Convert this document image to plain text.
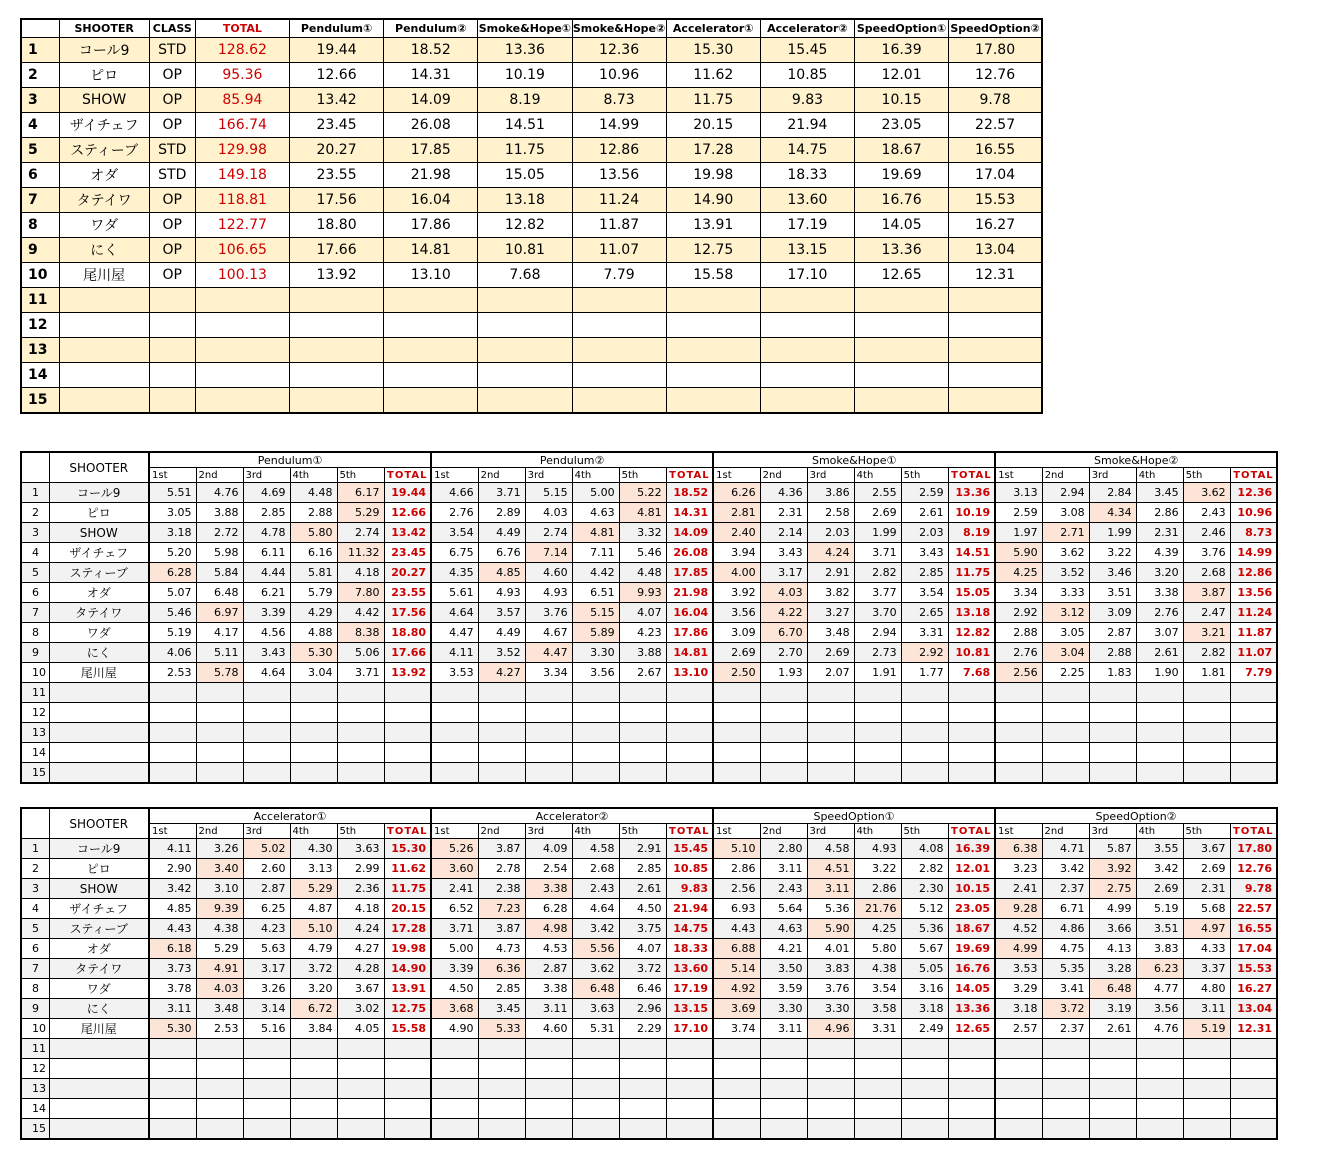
	SHOOTER	CLASS	TOTAL	Pendulum①	Pendulum②	Smoke&Hope①	Smoke&Hope②	Accelerator①	Accelerator②	SpeedOption①	SpeedOption②
1	コール9	STD	128.62	19.44	18.52	13.36	12.36	15.30	15.45	16.39	17.80
2	ピロ	OP	95.36	12.66	14.31	10.19	10.96	11.62	10.85	12.01	12.76
3	SHOW	OP	85.94	13.42	14.09	8.19	8.73	11.75	9.83	10.15	9.78
4	ザイチェフ	OP	166.74	23.45	26.08	14.51	14.99	20.15	21.94	23.05	22.57
5	スティーブ	STD	129.98	20.27	17.85	11.75	12.86	17.28	14.75	18.67	16.55
6	オダ	STD	149.18	23.55	21.98	15.05	13.56	19.98	18.33	19.69	17.04
7	タテイワ	OP	118.81	17.56	16.04	13.18	11.24	14.90	13.60	16.76	15.53
8	ワダ	OP	122.77	18.80	17.86	12.82	11.87	13.91	17.19	14.05	16.27
9	にく	OP	106.65	17.66	14.81	10.81	11.07	12.75	13.15	13.36	13.04
10	尾川屋	OP	100.13	13.92	13.10	7.68	7.79	15.58	17.10	12.65	12.31
11											
12											
13											
14											
15											
	SHOOTER	Pendulum①						Pendulum②						Smoke&Hope①						Smoke&Hope②					
		1st	2nd	3rd	4th	5th	TOTAL	1st	2nd	3rd	4th	5th	TOTAL	1st	2nd	3rd	4th	5th	TOTAL	1st	2nd	3rd	4th	5th	TOTAL
1	コール9	5.51	4.76	4.69	4.48	6.17	19.44	4.66	3.71	5.15	5.00	5.22	18.52	6.26	4.36	3.86	2.55	2.59	13.36	3.13	2.94	2.84	3.45	3.62	12.36
2	ピロ	3.05	3.88	2.85	2.88	5.29	12.66	2.76	2.89	4.03	4.63	4.81	14.31	2.81	2.31	2.58	2.69	2.61	10.19	2.59	3.08	4.34	2.86	2.43	10.96
3	SHOW	3.18	2.72	4.78	5.80	2.74	13.42	3.54	4.49	2.74	4.81	3.32	14.09	2.40	2.14	2.03	1.99	2.03	8.19	1.97	2.71	1.99	2.31	2.46	8.73
4	ザイチェフ	5.20	5.98	6.11	6.16	11.32	23.45	6.75	6.76	7.14	7.11	5.46	26.08	3.94	3.43	4.24	3.71	3.43	14.51	5.90	3.62	3.22	4.39	3.76	14.99
5	スティーブ	6.28	5.84	4.44	5.81	4.18	20.27	4.35	4.85	4.60	4.42	4.48	17.85	4.00	3.17	2.91	2.82	2.85	11.75	4.25	3.52	3.46	3.20	2.68	12.86
6	オダ	5.07	6.48	6.21	5.79	7.80	23.55	5.61	4.93	4.93	6.51	9.93	21.98	3.92	4.03	3.82	3.77	3.54	15.05	3.34	3.33	3.51	3.38	3.87	13.56
7	タテイワ	5.46	6.97	3.39	4.29	4.42	17.56	4.64	3.57	3.76	5.15	4.07	16.04	3.56	4.22	3.27	3.70	2.65	13.18	2.92	3.12	3.09	2.76	2.47	11.24
8	ワダ	5.19	4.17	4.56	4.88	8.38	18.80	4.47	4.49	4.67	5.89	4.23	17.86	3.09	6.70	3.48	2.94	3.31	12.82	2.88	3.05	2.87	3.07	3.21	11.87
9	にく	4.06	5.11	3.43	5.30	5.06	17.66	4.11	3.52	4.47	3.30	3.88	14.81	2.69	2.70	2.69	2.73	2.92	10.81	2.76	3.04	2.88	2.61	2.82	11.07
10	尾川屋	2.53	5.78	4.64	3.04	3.71	13.92	3.53	4.27	3.34	3.56	2.67	13.10	2.50	1.93	2.07	1.91	1.77	7.68	2.56	2.25	1.83	1.90	1.81	7.79
11																									
12																									
13																									
14																									
15																									
	SHOOTER	Accelerator①						Accelerator②						SpeedOption①						SpeedOption②					
		1st	2nd	3rd	4th	5th	TOTAL	1st	2nd	3rd	4th	5th	TOTAL	1st	2nd	3rd	4th	5th	TOTAL	1st	2nd	3rd	4th	5th	TOTAL
1	コール9	4.11	3.26	5.02	4.30	3.63	15.30	5.26	3.87	4.09	4.58	2.91	15.45	5.10	2.80	4.58	4.93	4.08	16.39	6.38	4.71	5.87	3.55	3.67	17.80
2	ピロ	2.90	3.40	2.60	3.13	2.99	11.62	3.60	2.78	2.54	2.68	2.85	10.85	2.86	3.11	4.51	3.22	2.82	12.01	3.23	3.42	3.92	3.42	2.69	12.76
3	SHOW	3.42	3.10	2.87	5.29	2.36	11.75	2.41	2.38	3.38	2.43	2.61	9.83	2.56	2.43	3.11	2.86	2.30	10.15	2.41	2.37	2.75	2.69	2.31	9.78
4	ザイチェフ	4.85	9.39	6.25	4.87	4.18	20.15	6.52	7.23	6.28	4.64	4.50	21.94	6.93	5.64	5.36	21.76	5.12	23.05	9.28	6.71	4.99	5.19	5.68	22.57
5	スティーブ	4.43	4.38	4.23	5.10	4.24	17.28	3.71	3.87	4.98	3.42	3.75	14.75	4.43	4.63	5.90	4.25	5.36	18.67	4.52	4.86	3.66	3.51	4.97	16.55
6	オダ	6.18	5.29	5.63	4.79	4.27	19.98	5.00	4.73	4.53	5.56	4.07	18.33	6.88	4.21	4.01	5.80	5.67	19.69	4.99	4.75	4.13	3.83	4.33	17.04
7	タテイワ	3.73	4.91	3.17	3.72	4.28	14.90	3.39	6.36	2.87	3.62	3.72	13.60	5.14	3.50	3.83	4.38	5.05	16.76	3.53	5.35	3.28	6.23	3.37	15.53
8	ワダ	3.78	4.03	3.26	3.20	3.67	13.91	4.50	2.85	3.38	6.48	6.46	17.19	4.92	3.59	3.76	3.54	3.16	14.05	3.29	3.41	6.48	4.77	4.80	16.27
9	にく	3.11	3.48	3.14	6.72	3.02	12.75	3.68	3.45	3.11	3.63	2.96	13.15	3.69	3.30	3.30	3.58	3.18	13.36	3.18	3.72	3.19	3.56	3.11	13.04
10	尾川屋	5.30	2.53	5.16	3.84	4.05	15.58	4.90	5.33	4.60	5.31	2.29	17.10	3.74	3.11	4.96	3.31	2.49	12.65	2.57	2.37	2.61	4.76	5.19	12.31
11																									
12																									
13																									
14																									
15																									
